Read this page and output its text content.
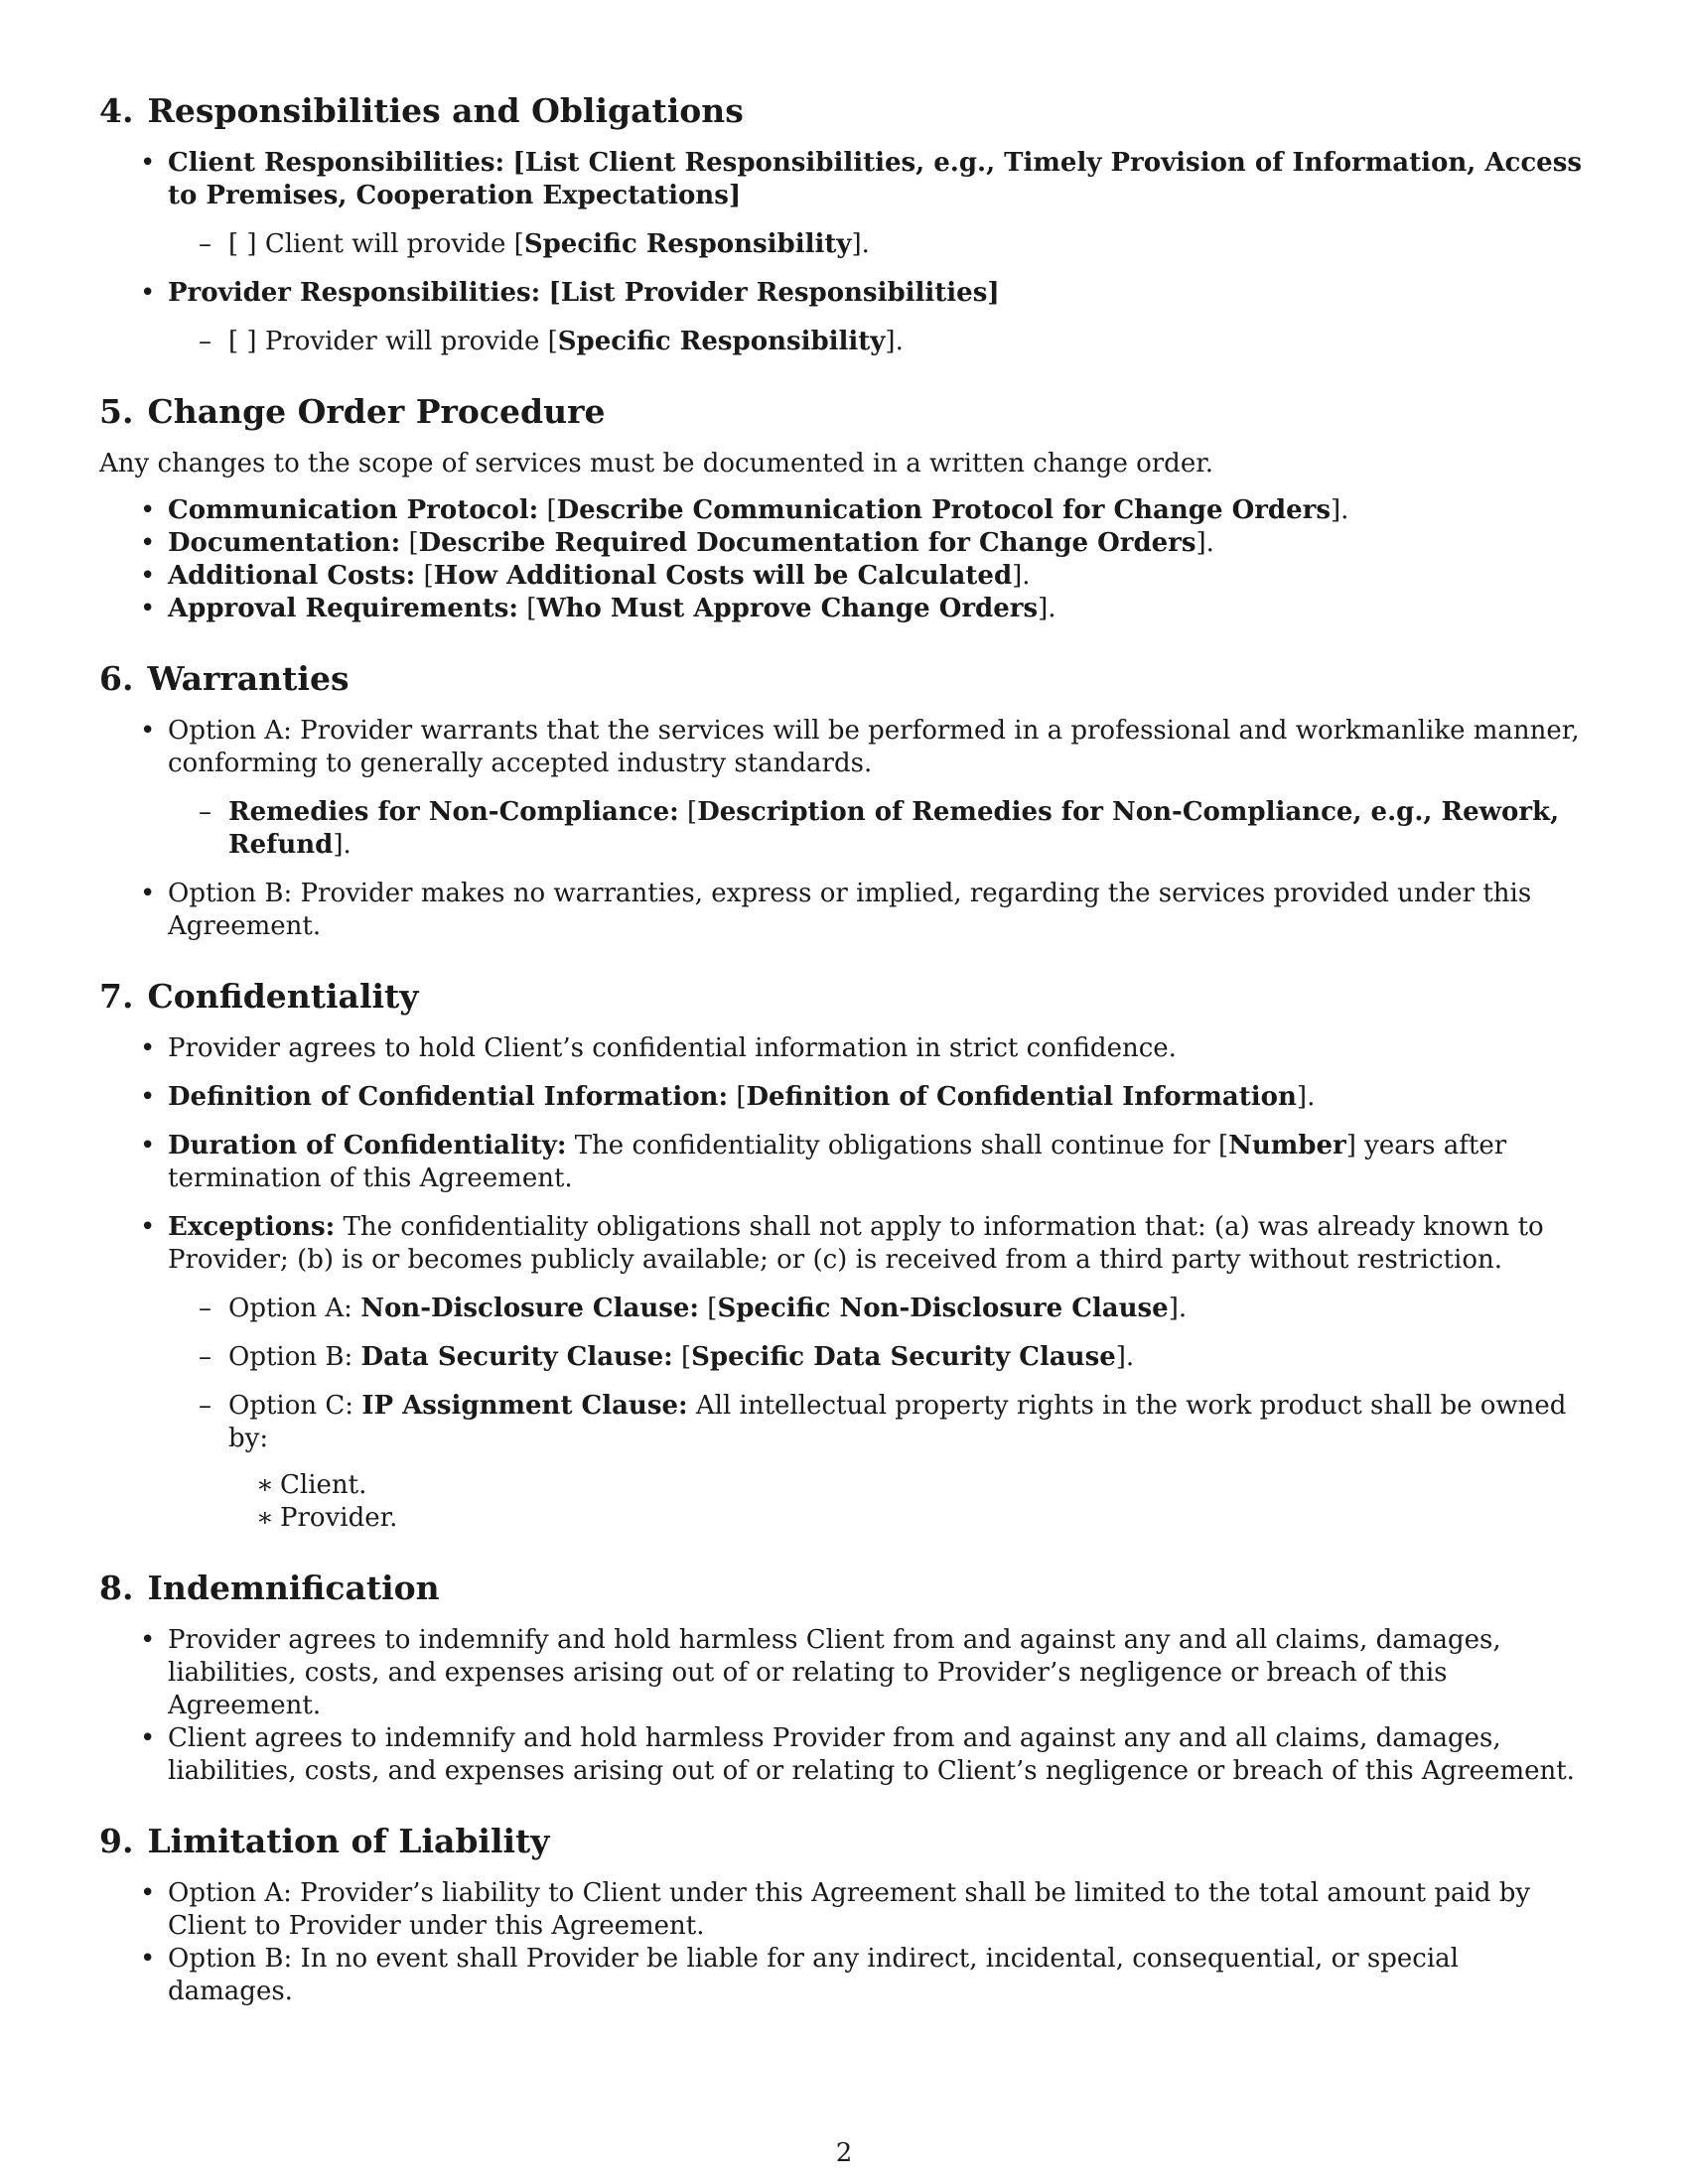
4. Responsibilities and Obligations
• Client Responsibilities: [List Client Responsibilities, e.g., Timely Provision of Information, Access to Premises, Cooperation Expectations]
– [ ] Client will provide [Specific Responsibility].
• Provider Responsibilities: [List Provider Responsibilities]
– [ ] Provider will provide [Specific Responsibility].
5. Change Order Procedure

Any changes to the scope of services must be documented in a written change order.

• Communication Protocol: [Describe Communication Protocol for Change Orders].
• Documentation: [Describe Required Documentation for Change Orders].
• Additional Costs: [How Additional Costs will be Calculated].
• Approval Requirements: [Who Must Approve Change Orders].
6. Warranties
• Option A: Provider warrants that the services will be performed in a professional and workmanlike manner, conforming to generally accepted industry standards.
– Remedies for Non-Compliance: [Description of Remedies for Non-Compliance, e.g., Rework, Refund].
• Option B: Provider makes no warranties, express or implied, regarding the services provided under this Agreement.
7. Confidentiality
• Provider agrees to hold Client’s confidential information in strict confidence.
• Definition of Confidential Information: [Definition of Confidential Information].
• Duration of Confidentiality: The confidentiality obligations shall continue for [Number] years after termination of this Agreement.
• Exceptions: The confidentiality obligations shall not apply to information that: (a) was already known to Provider; (b) is or becomes publicly available; or (c) is received from a third party without restriction.
– Option A: Non-Disclosure Clause: [Specific Non-Disclosure Clause].
– Option B: Data Security Clause: [Specific Data Security Clause].
– Option C: IP Assignment Clause: All intellectual property rights in the work product shall be owned by:
∗ Client.
∗ Provider.
8. Indemnification
• Provider agrees to indemnify and hold harmless Client from and against any and all claims, damages, liabilities, costs, and expenses arising out of or relating to Provider’s negligence or breach of this Agreement.
• Client agrees to indemnify and hold harmless Provider from and against any and all claims, damages, liabilities, costs, and expenses arising out of or relating to Client’s negligence or breach of this Agreement.
9. Limitation of Liability
• Option A: Provider’s liability to Client under this Agreement shall be limited to the total amount paid by Client to Provider under this Agreement.
• Option B: In no event shall Provider be liable for any indirect, incidental, consequential, or special damages.
2
